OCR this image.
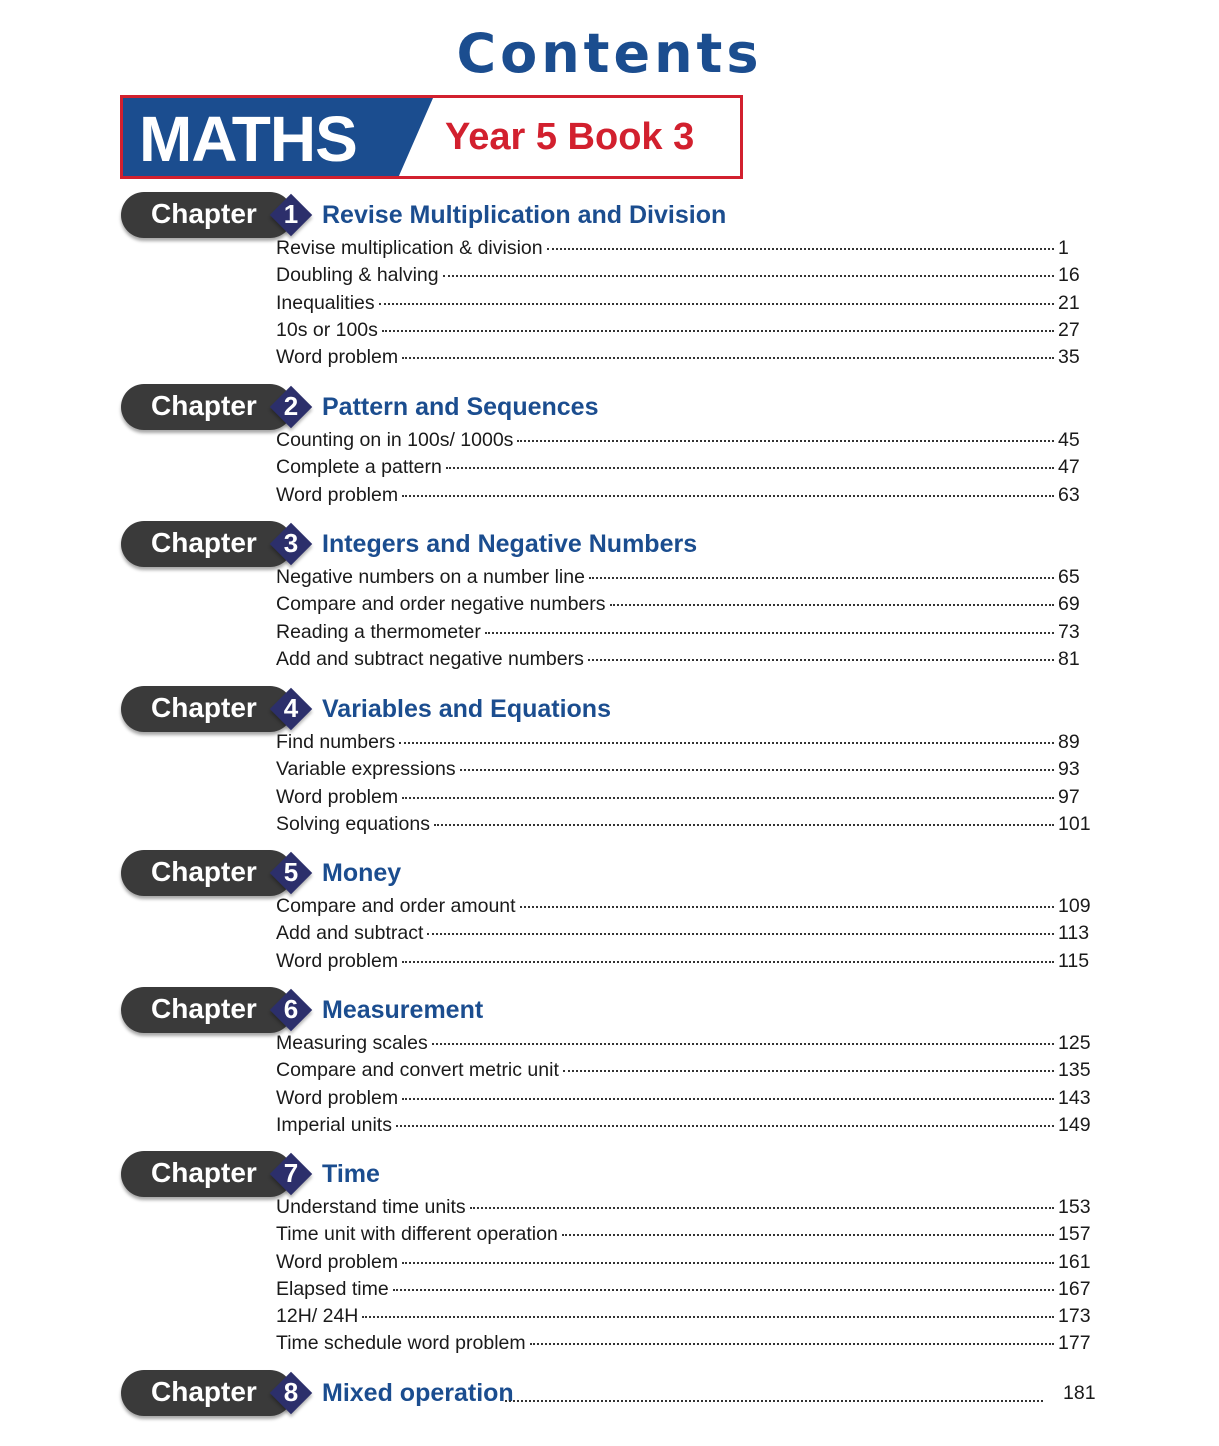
Contents
MATHS Year 5 Book 3
Chapter	1 Revise Multiplication and Division
Revise multiplication & division	1
Doubling & halving	16
Inequalities	21
10s or 100s	27
Word problem	35
Chapter	2 Pattern and Sequences
Counting on in 100s/ 1000s	45
Complete a pattern	47
Word problem	63
Chapter	3 Integers and Negative Numbers
Negative numbers on a number line	65
Compare and order negative numbers	69
Reading a thermometer	73
Add and subtract negative numbers	81
Chapter	4 Variables and Equations
Find numbers	89
Variable expressions	93
Word problem	97
Solving equations	101
Chapter	5 Money
Compare and order amount	109
Add and subtract	113
Word problem	115
Chapter	6 Measurement
Measuring scales	125
Compare and convert metric unit	135
Word problem	143
Imperial units	149
Chapter	7 Time
Understand time units	153
Time unit with different operation	157
Word problem	161
Elapsed time	167
12H/ 24H	173
Time schedule word problem	177
Chapter	8 Mixed operation	181
